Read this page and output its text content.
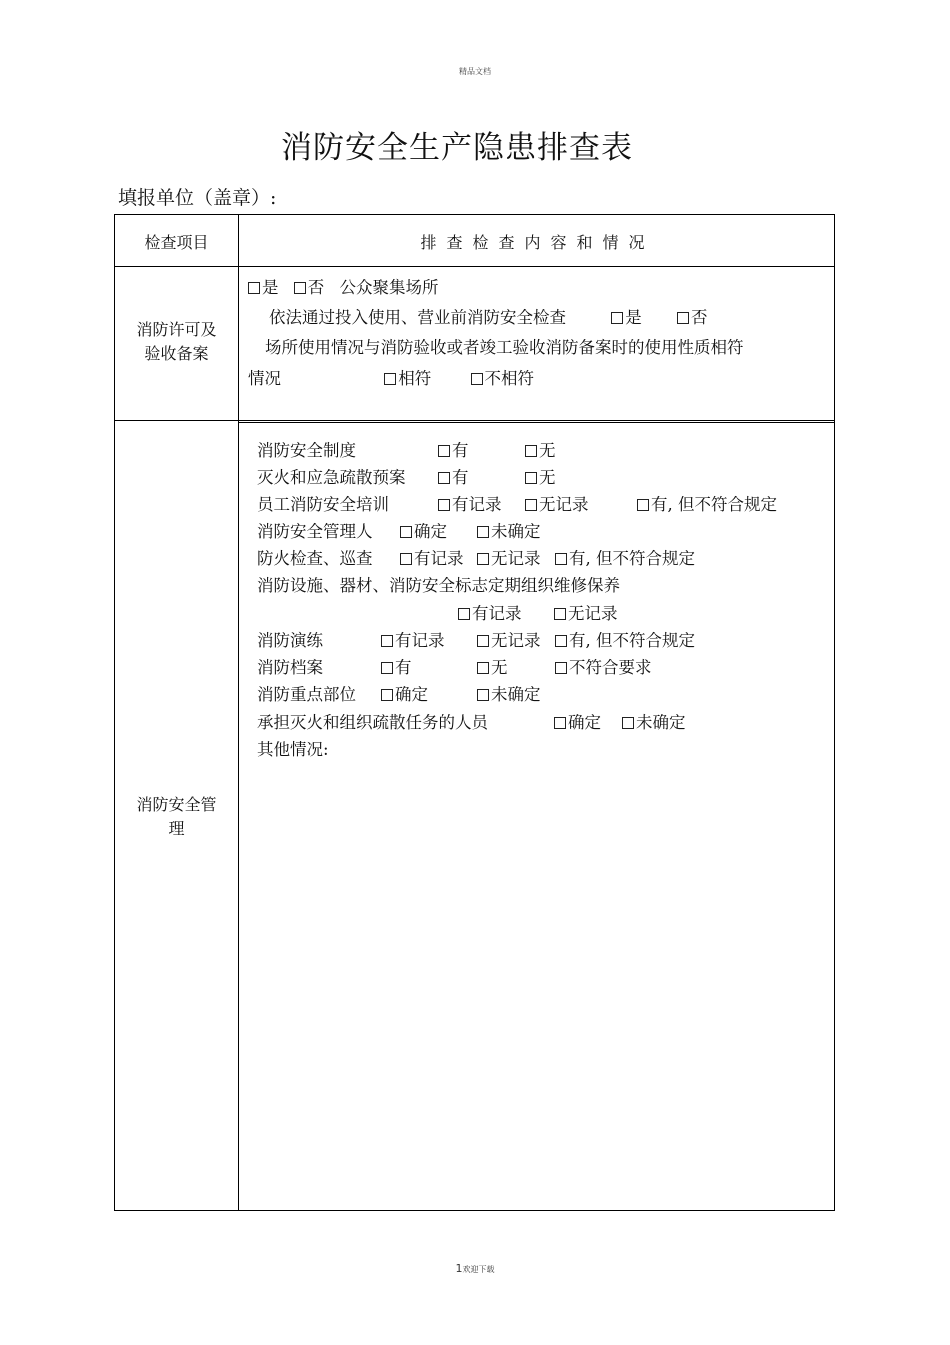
精品文档
消防安全生产隐患排查表
填报单位（盖章）:
检查项目	排查检查内容和情况
消防许可及
验收备案
是 否 公众聚集场所
依法通过投入使用、营业前消防安全检查	是	否
场所使用情况与消防验收或者竣工验收消防备案时的使用性质相符
情况	相符	不相符
消防安全管
理
消防安全制度	有	无
灭火和应急疏散预案	有	无
员工消防安全培训	有记录 无记录	有, 但不符合规定
消防安全管理人	确定	未确定
防火检查、巡查	有记录 无记录 有, 但不符合规定
消防设施、器材、消防安全标志定期组织维修保养
有记录	无记录
消防演练	有记录	无记录 有, 但不符合规定
消防档案	有	无	不符合要求
消防重点部位 确定	未确定
承担灭火和组织疏散任务的人员	确定 未确定
其他情况:
1欢迎下载
